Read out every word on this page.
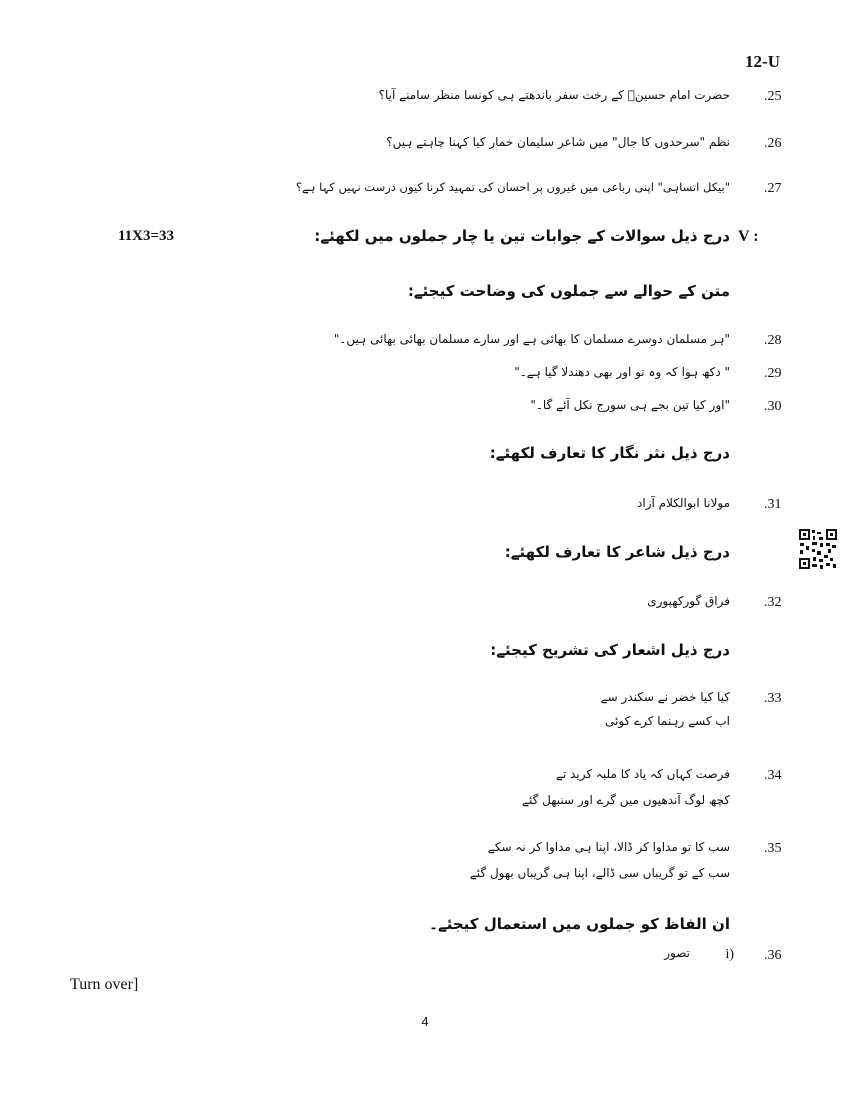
12-U
حضرت امام حسینؓ کے رخت سفر باندھتے ہی کونسا منظر سامنے آیا؟ .25
نظم "سرحدوں کا جال" میں شاعر سلیمان خمار کیا کہنا چاہتے ہیں؟ .26
"بیکل اتساہی" اپنی رباعی میں غیروں پر احسان کی تمہید کرنا کیوں درست نہیں کہا ہے؟ .27
11X3=33	درج ذیل سوالات کے جوابات تین یا چار جملوں میں لکھئے: V :
متن کے حوالے سے جملوں کی وضاحت کیجئے:
"ہر مسلمان دوسرے مسلمان کا بھائی ہے اور سارے مسلمان بھائی بھائی ہیں۔" .28
" دکھ ہوا کہ وہ تو اور بھی دھندلا گیا ہے۔" .29
"اور کیا تین بجے ہی سورج نکل آئے گا۔" .30
درج ذیل نثر نگار کا تعارف لکھئے:
مولانا ابوالکلام آزاد .31
درج ذیل شاعر کا تعارف لکھئے:
فراق گورکھپوری .32
درج ذیل اشعار کی تشریح کیجئے:
کیا کیا خضر نے سکندر سے
اب کسے رہنما کرے کوئی
.33
فرصت کہاں کہ یاد کا ملبہ کرید تے
کچھ لوگ آندھیوں میں گرے اور سنبھل گئے
.34
سب کا تو مداوا کر ڈالا، اپنا ہی مداوا کر نہ سکے
سب کے تو گریباں سی ڈالے، اپنا ہی گریباں بھول گئے
.35
ان الفاظ کو جملوں میں استعمال کیجئے۔
تصور	i) .36
Turn over]
4
